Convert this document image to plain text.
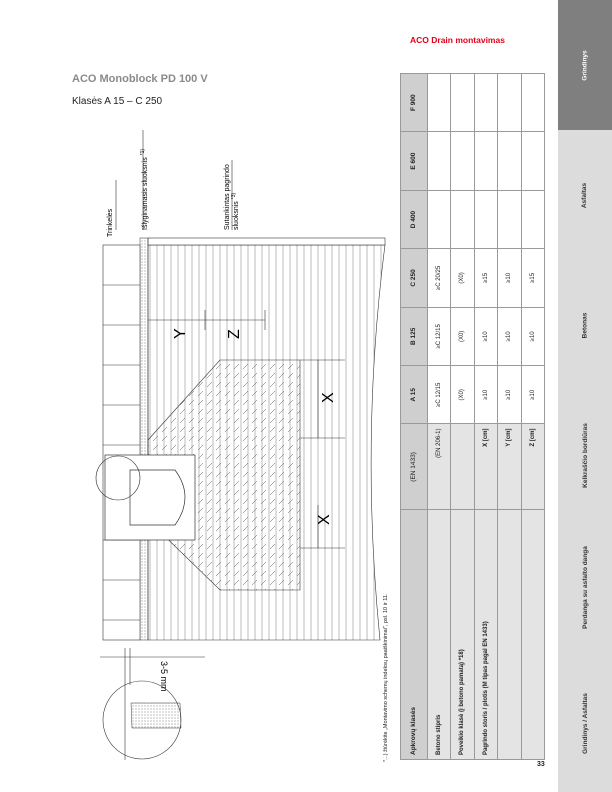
ACO Drain montavimas
ACO Monoblock PD 100 V
Klasės A 15 – C 250
X
X
Y Z
Trinkelės	Išlyginamasis sluoksnis $^{*1)}$
Sutankintas pagrindo sluoksnis $^{*3)}$
3-5 mm	*...) žiūrėkite „Montavimo schemų indeksų paaiškinimai", psl. 10 ir 11.	Apkrovų klasės	(EN 1433)	A 15	B 125	C 250	D 400	E 600	F 900
Betono stipris	(EN 206-1)	≥C 12/15	≥C 12/15	≥C 20/25			
Poveikio klasė (į betono pamatą) *18)		(X0)	(X0)	(X0)			
Pagrindo storis / plotis (M tipas pagal EN 1433)	X [cm]	≥10	≥10	≥15			
	Y [cm]	≥10	≥10	≥10			
	Z [cm]	≥10	≥10	≥15			
Grindinys
Asfaltas
Betonas
Kelkraščio bordiūras
Perdanga su asfalto danga
Grindinys / Asfaltas
33
